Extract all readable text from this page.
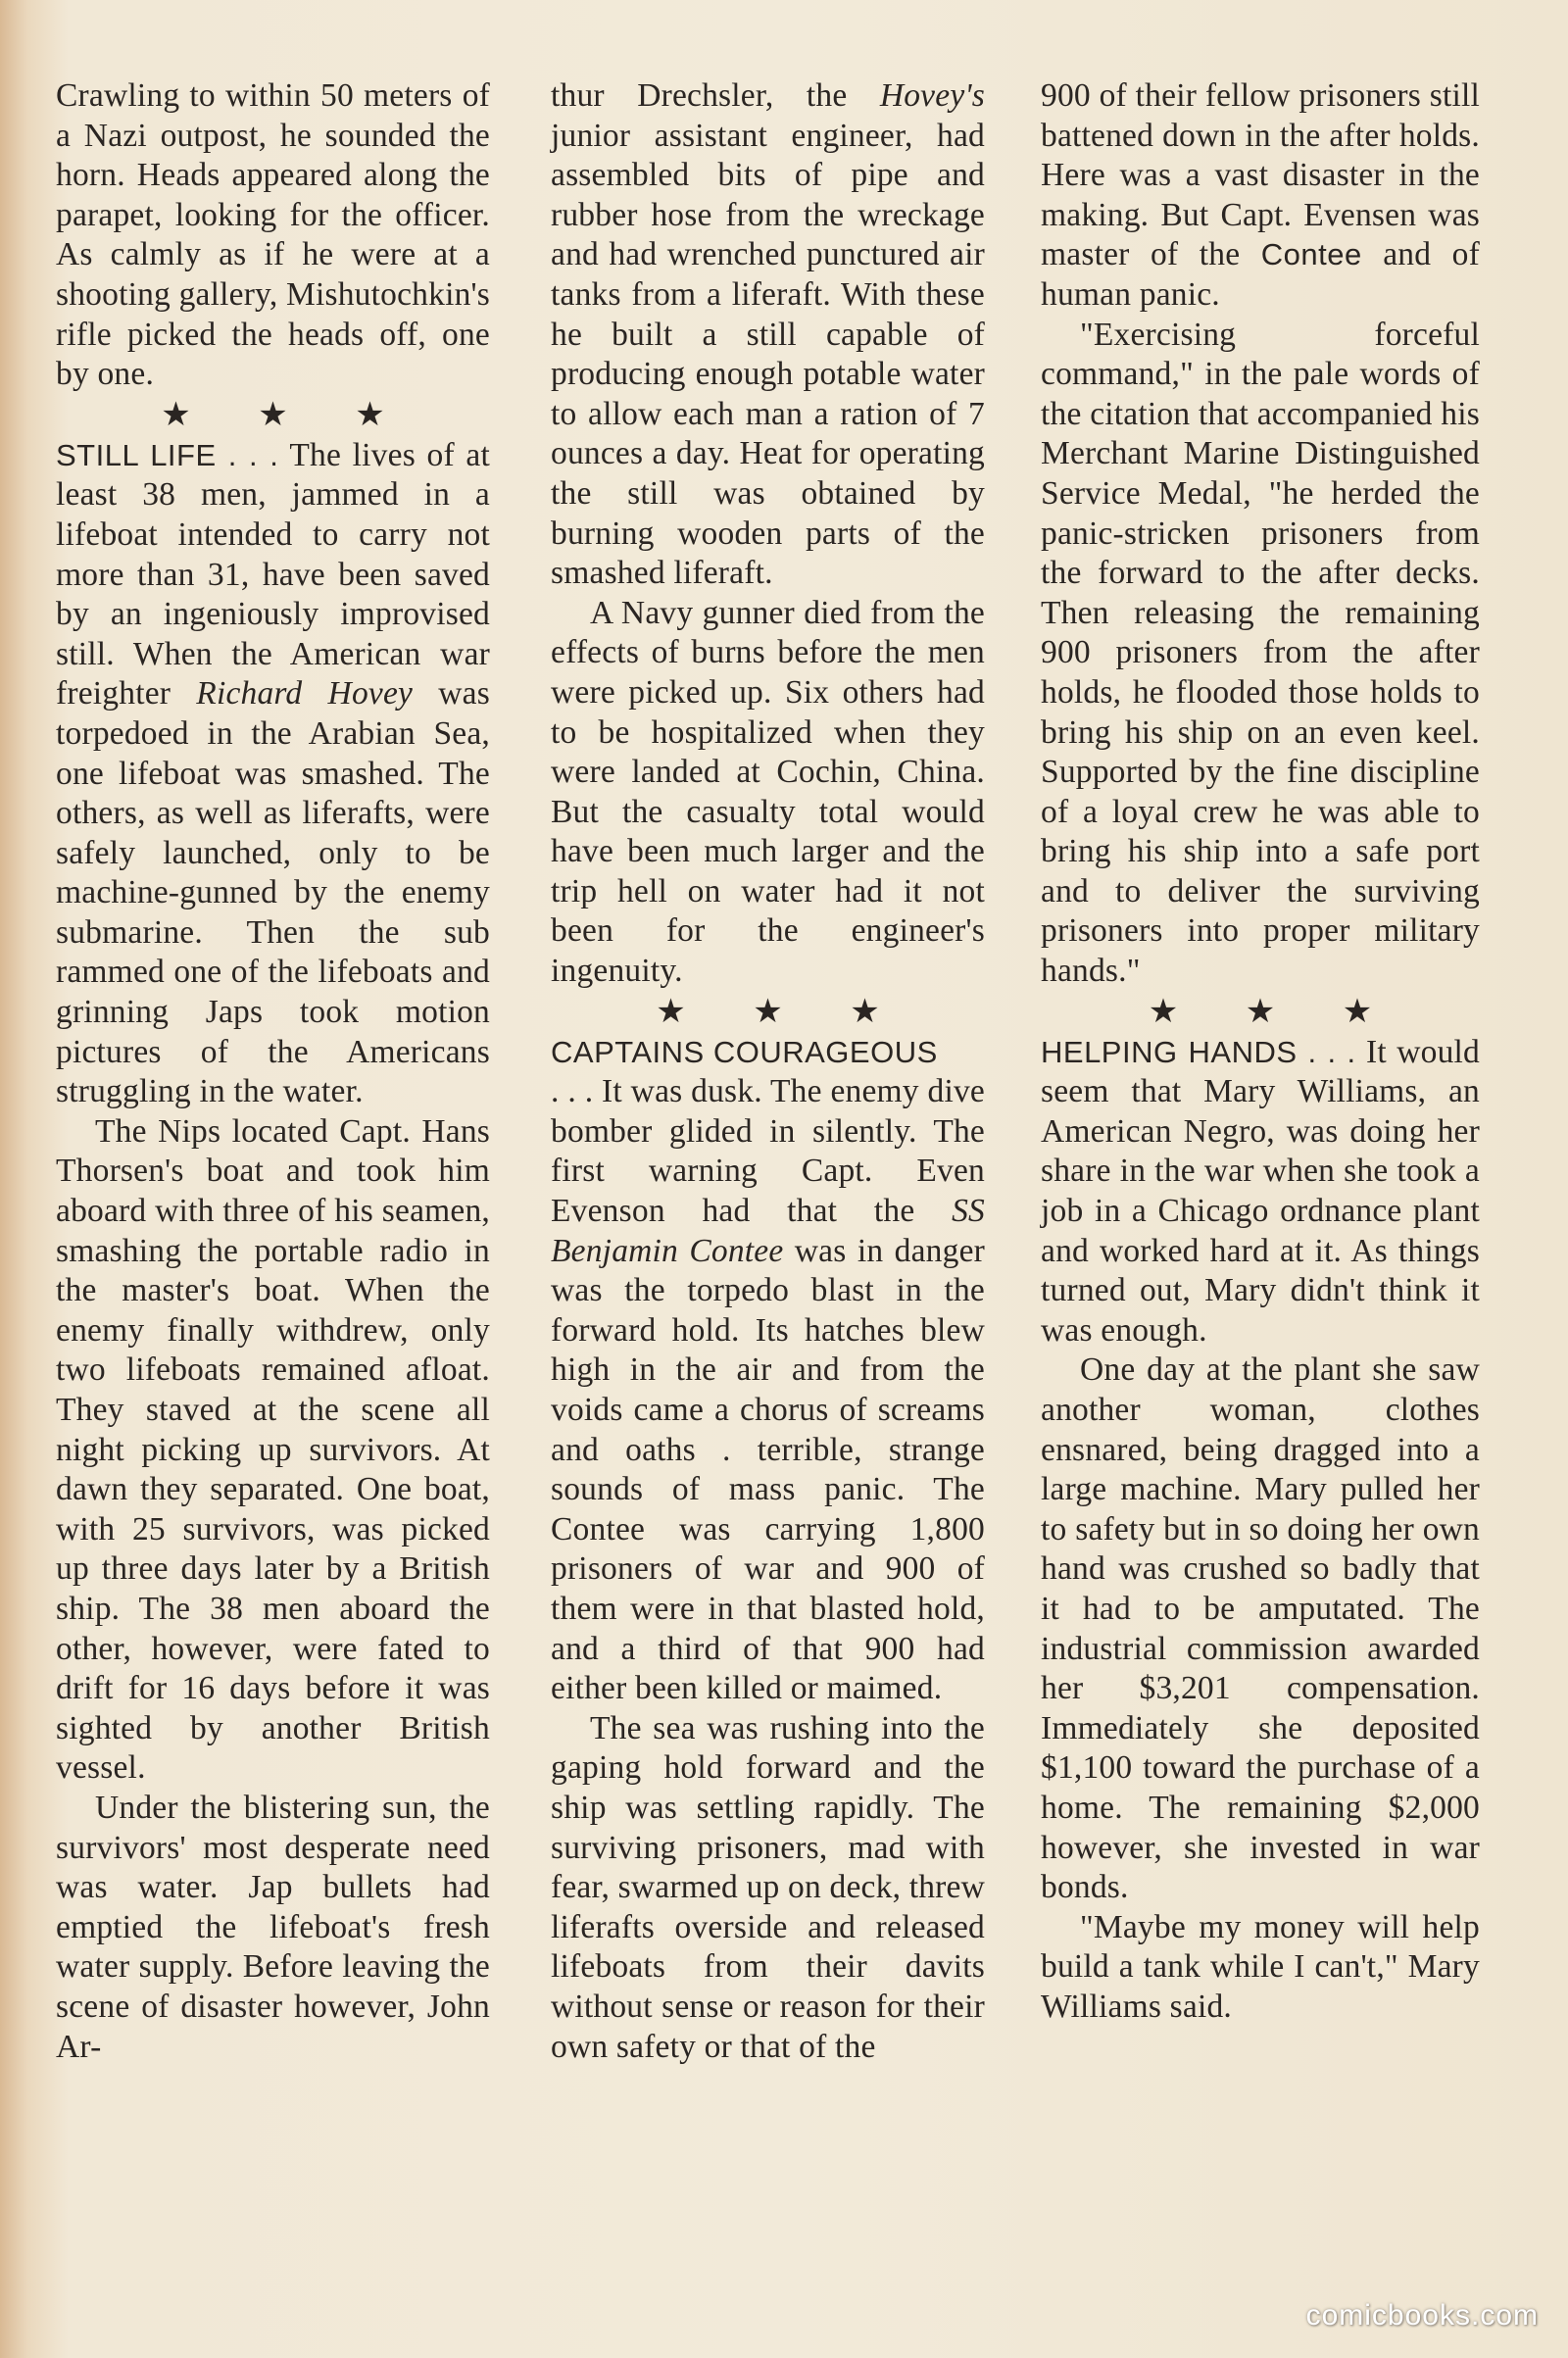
Crawling to within 50 meters of a Nazi outpost, he sounded the horn. Heads appeared along the parapet, looking for the officer. As calmly as if he were at a shooting gallery, Mishutochkin's rifle picked the heads off, one by one.

★ ★ ★

STILL LIFE . . . The lives of at least 38 men, jammed in a lifeboat intended to carry not more than 31, have been saved by an ingeniously improvised still. When the American war freighter Richard Hovey was torpedoed in the Arabian Sea, one lifeboat was smashed. The others, as well as liferafts, were safely launched, only to be machine-gunned by the enemy submarine. Then the sub rammed one of the lifeboats and grinning Japs took motion pictures of the Americans struggling in the water.

The Nips located Capt. Hans Thorsen's boat and took him aboard with three of his seamen, smashing the portable radio in the master's boat. When the enemy finally withdrew, only two lifeboats remained afloat. They staved at the scene all night picking up survivors. At dawn they separated. One boat, with 25 survivors, was picked up three days later by a British ship. The 38 men aboard the other, however, were fated to drift for 16 days before it was sighted by another British vessel.

Under the blistering sun, the survivors' most desperate need was water. Jap bullets had emptied the lifeboat's fresh water supply. Before leaving the scene of disaster however, John Ar-

thur Drechsler, the Hovey's junior assistant engineer, had assembled bits of pipe and rubber hose from the wreckage and had wrenched punctured air tanks from a liferaft. With these he built a still capable of producing enough potable water to allow each man a ration of 7 ounces a day. Heat for operating the still was obtained by burning wooden parts of the smashed liferaft.

A Navy gunner died from the effects of burns before the men were picked up. Six others had to be hospitalized when they were landed at Cochin, China. But the casualty total would have been much larger and the trip hell on water had it not been for the engineer's ingenuity.

★ ★ ★

CAPTAINS COURAGEOUS

. . . It was dusk. The enemy dive bomber glided in silently. The first warning Capt. Even Evenson had that the SS Benjamin Contee was in danger was the torpedo blast in the forward hold. Its hatches blew high in the air and from the voids came a chorus of screams and oaths . terrible, strange sounds of mass panic. The Contee was carrying 1,800 prisoners of war and 900 of them were in that blasted hold, and a third of that 900 had either been killed or maimed.

The sea was rushing into the gaping hold forward and the ship was settling rapidly. The surviving prisoners, mad with fear, swarmed up on deck, threw liferafts overside and released lifeboats from their davits without sense or reason for their own safety or that of the

900 of their fellow prisoners still battened down in the after holds. Here was a vast disaster in the making. But Capt. Evensen was master of the Contee and of human panic.

"Exercising forceful command," in the pale words of the citation that accompanied his Merchant Marine Distinguished Service Medal, "he herded the panic-stricken prisoners from the forward to the after decks. Then releasing the remaining 900 prisoners from the after holds, he flooded those holds to bring his ship on an even keel. Supported by the fine discipline of a loyal crew he was able to bring his ship into a safe port and to deliver the surviving prisoners into proper military hands."

★ ★ ★

HELPING HANDS . . . It would seem that Mary Williams, an American Negro, was doing her share in the war when she took a job in a Chicago ordnance plant and worked hard at it. As things turned out, Mary didn't think it was enough.

One day at the plant she saw another woman, clothes ensnared, being dragged into a large machine. Mary pulled her to safety but in so doing her own hand was crushed so badly that it had to be amputated. The industrial commission awarded her $3,201 compensation. Immediately she deposited $1,100 toward the purchase of a home. The remaining $2,000 however, she invested in war bonds.

"Maybe my money will help build a tank while I can't," Mary Williams said.

comicbooks.com
